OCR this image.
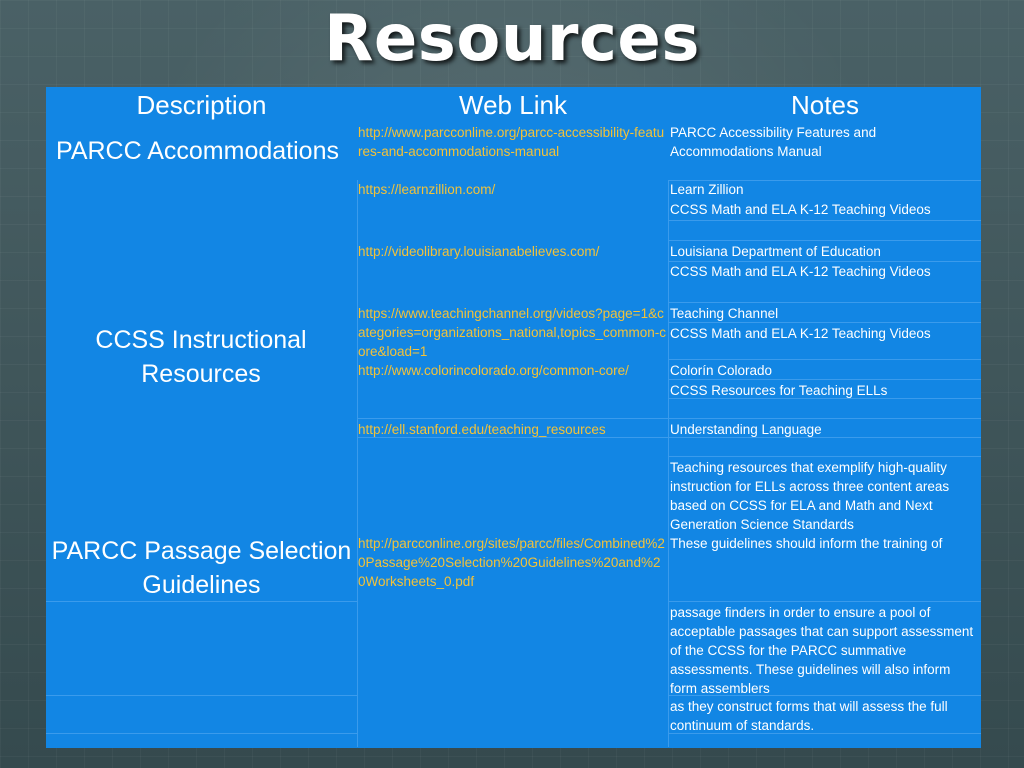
Resources
Description	Web Link	Notes
PARCC Accommodations
CCSS Instructional Resources
PARCC Passage Selection Guidelines
http://www.parcconline.org/parcc-accessibility-features-and-accommodations-manual
https://learnzillion.com/
http://videolibrary.louisianabelieves.com/
https://www.teachingchannel.org/videos?page=1&categories=organizations_national,topics_common-core&load=1
http://www.colorincolorado.org/common-core/
http://ell.stanford.edu/teaching_resources
http://parcconline.org/sites/parcc/files/Combined%20Passage%20Selection%20Guidelines%20and%20Worksheets_0.pdf
PARCC Accessibility Features and Accommodations Manual
Learn Zillion
CCSS Math and ELA K-12 Teaching Videos
Louisiana Department of Education
CCSS Math and ELA K-12 Teaching Videos
Teaching Channel
CCSS Math and ELA K-12 Teaching Videos
Colorín Colorado
CCSS Resources for Teaching ELLs
Understanding Language
Teaching resources that exemplify high-quality instruction for ELLs across three content areas based on CCSS for ELA and Math and Next Generation Science Standards
These guidelines should inform the training of
passage finders in order to ensure a pool of acceptable passages that can support assessment of the CCSS for the PARCC summative assessments. These guidelines will also inform form assemblers
as they construct forms that will assess the full continuum of standards.
